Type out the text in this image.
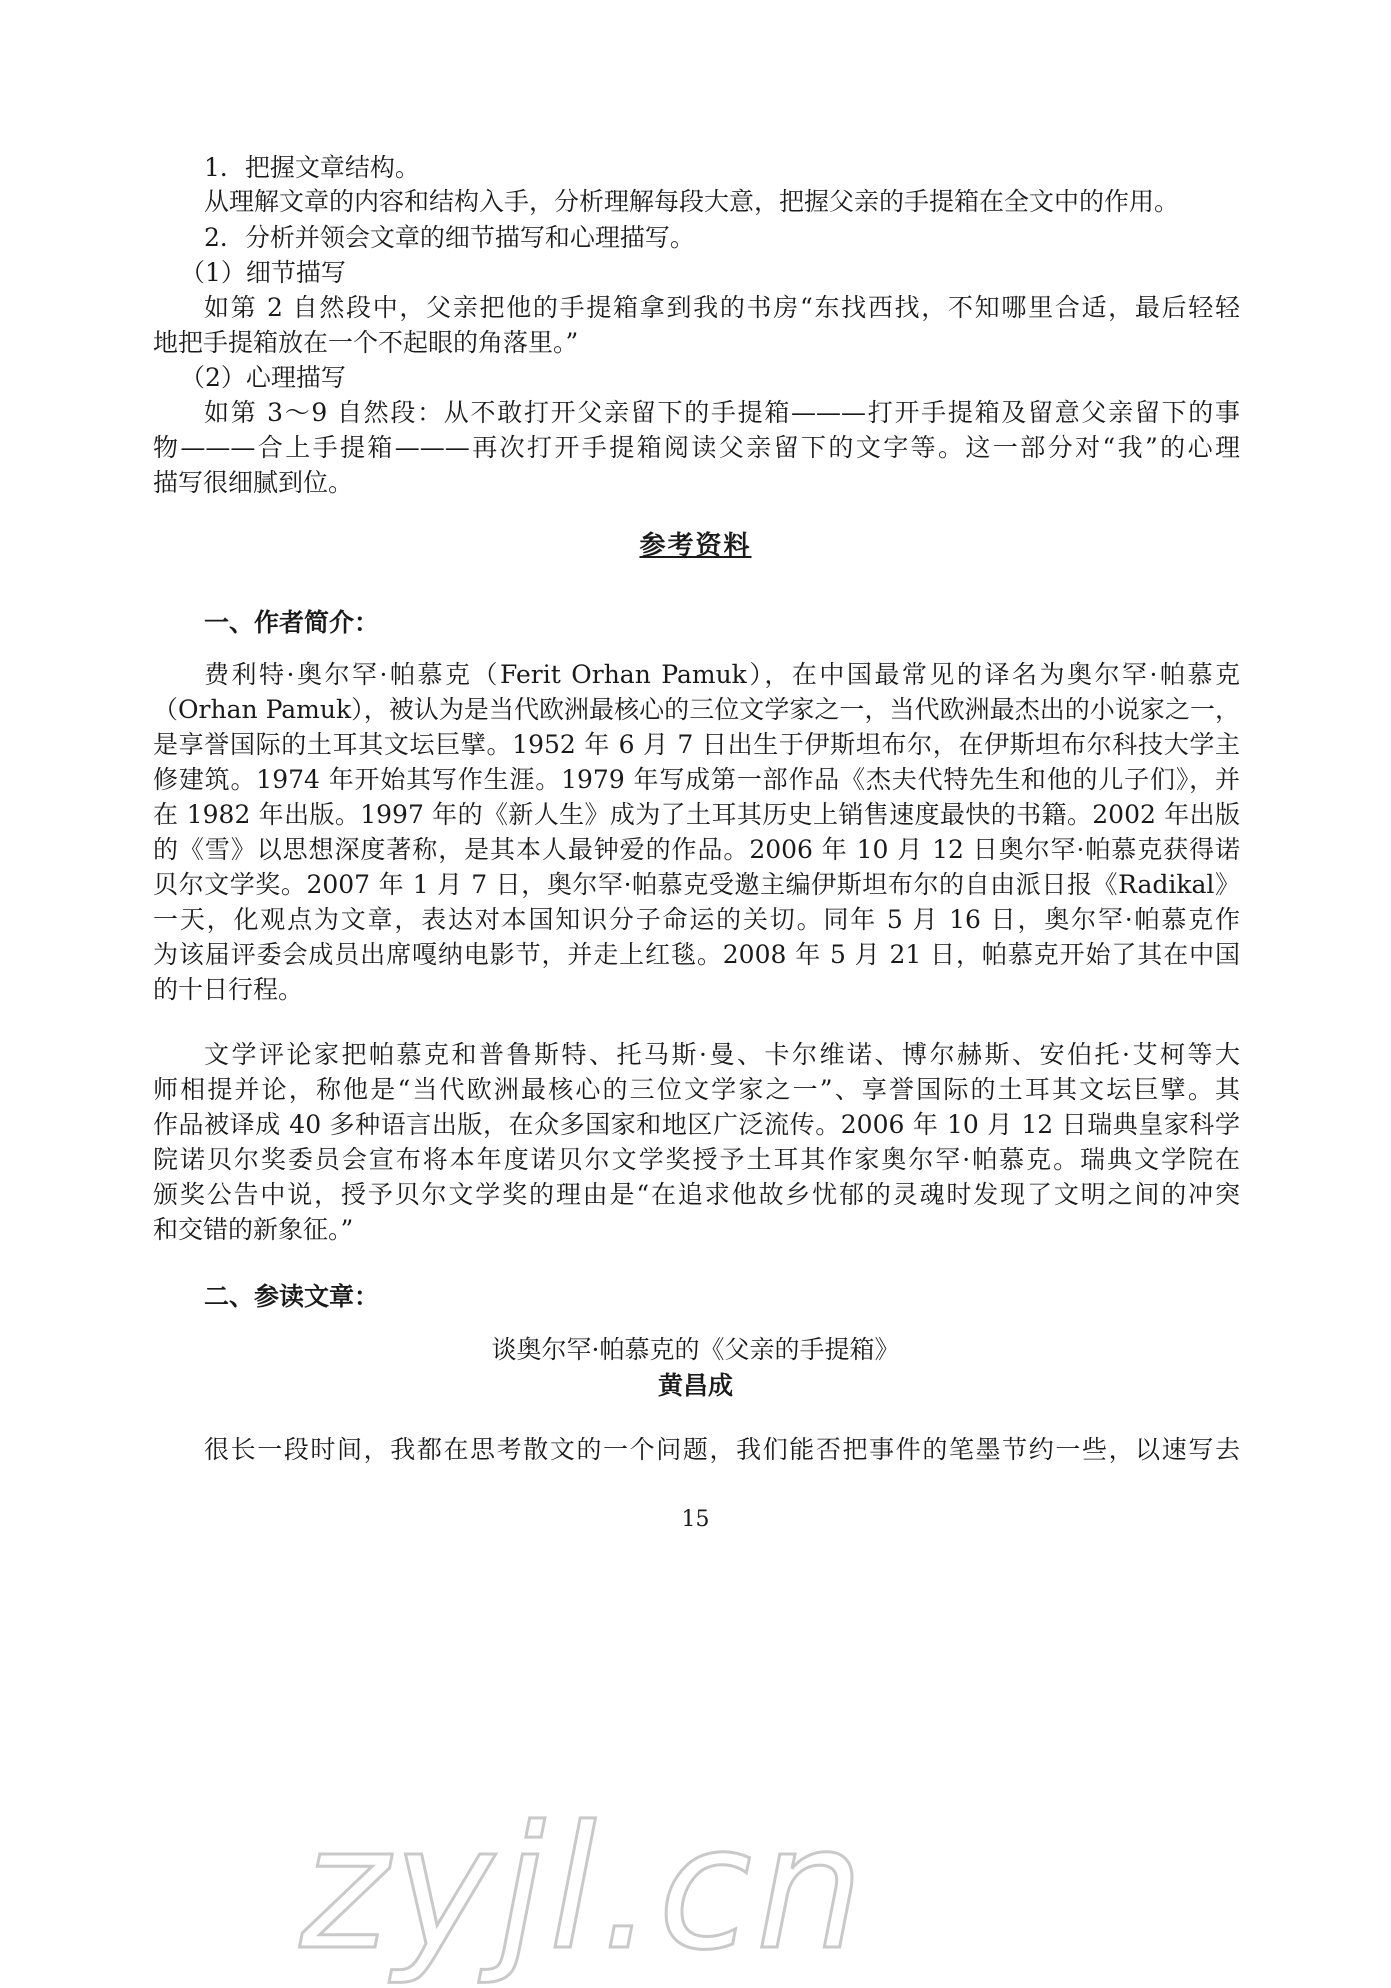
1．把握文章结构。
从理解文章的内容和结构入手，分析理解每段大意，把握父亲的手提箱在全文中的作用。
2．分析并领会文章的细节描写和心理描写。
（1）细节描写
如第 2 自然段中，父亲把他的手提箱拿到我的书房“东找西找，不知哪里合适，最后轻轻
地把手提箱放在一个不起眼的角落里。”
（2）心理描写
如第 3～9 自然段：从不敢打开父亲留下的手提箱———打开手提箱及留意父亲留下的事
物———合上手提箱———再次打开手提箱阅读父亲留下的文字等。这一部分对“我”的心理
描写很细腻到位。
参考资料
一、作者简介：
费利特·奥尔罕·帕慕克（Ferit Orhan Pamuk），在中国最常见的译名为奥尔罕·帕慕克
（Orhan Pamuk），被认为是当代欧洲最核心的三位文学家之一，当代欧洲最杰出的小说家之一，
是享誉国际的土耳其文坛巨擘。1952 年 6 月 7 日出生于伊斯坦布尔，在伊斯坦布尔科技大学主
修建筑。1974 年开始其写作生涯。1979 年写成第一部作品《杰夫代特先生和他的儿子们》，并
在 1982 年出版。1997 年的《新人生》成为了土耳其历史上销售速度最快的书籍。2002 年出版
的《雪》以思想深度著称，是其本人最钟爱的作品。2006 年 10 月 12 日奥尔罕·帕慕克获得诺
贝尔文学奖。2007 年 1 月 7 日，奥尔罕·帕慕克受邀主编伊斯坦布尔的自由派日报《Radikal》
一天，化观点为文章，表达对本国知识分子命运的关切。同年 5 月 16 日，奥尔罕·帕慕克作
为该届评委会成员出席嘎纳电影节，并走上红毯。2008 年 5 月 21 日，帕慕克开始了其在中国
的十日行程。
文学评论家把帕慕克和普鲁斯特、托马斯·曼、卡尔维诺、博尔赫斯、安伯托·艾柯等大
师相提并论，称他是“当代欧洲最核心的三位文学家之一”、享誉国际的土耳其文坛巨擘。其
作品被译成 40 多种语言出版，在众多国家和地区广泛流传。2006 年 10 月 12 日瑞典皇家科学
院诺贝尔奖委员会宣布将本年度诺贝尔文学奖授予土耳其作家奥尔罕·帕慕克。瑞典文学院在
颁奖公告中说，授予贝尔文学奖的理由是“在追求他故乡忧郁的灵魂时发现了文明之间的冲突
和交错的新象征。”
二、参读文章：
谈奥尔罕·帕慕克的《父亲的手提箱》
黄昌成
很长一段时间，我都在思考散文的一个问题，我们能否把事件的笔墨节约一些，以速写去
15
zyjl.cn
